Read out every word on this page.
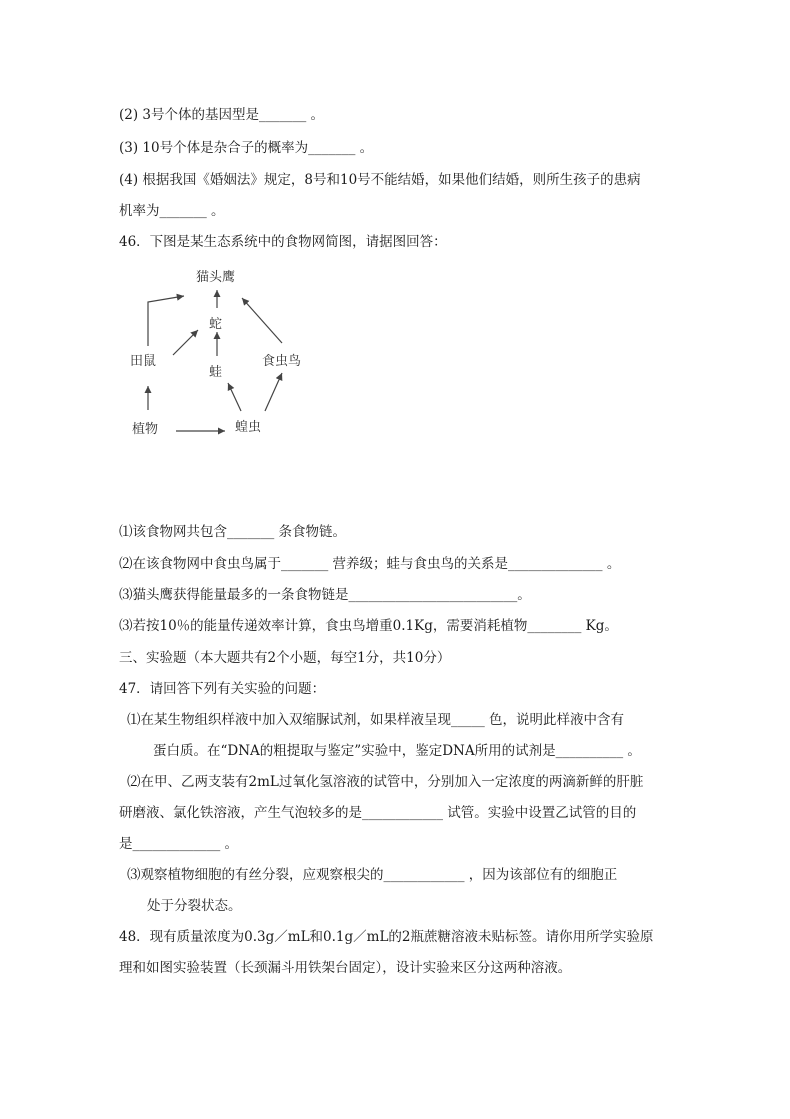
(2) 3号个体的基因型是_______ 。
(3) 10号个体是杂合子的概率为_______ 。
(4) 根据我国《婚姻法》规定，8号和10号不能结婚，如果他们结婚，则所生孩子的患病
机率为_______ 。
46．下图是某生态系统中的食物网简图，请据图回答：
猫头鹰
蛇
田鼠	食虫鸟
蛙
植物	蝗虫
⑴该食物网共包含_______ 条食物链。
⑵在该食物网中食虫鸟属于_______ 营养级；蛙与食虫鸟的关系是______________ 。
⑶猫头鹰获得能量最多的一条食物链是_________________________。
⑶若按10％的能量传递效率计算，食虫鸟增重0.1Kg，需要消耗植物________ Kg。
三、实验题（本大题共有2个小题，每空1分，共10分）
47．请回答下列有关实验的问题：
⑴在某生物组织样液中加入双缩脲试剂，如果样液呈现_____ 色，说明此样液中含有
蛋白质。在“DNA的粗提取与鉴定”实验中，鉴定DNA所用的试剂是__________ 。
⑵在甲、乙两支装有2mL过氧化氢溶液的试管中，分别加入一定浓度的两滴新鲜的肝脏
研磨液、氯化铁溶液，产生气泡较多的是____________ 试管。实验中设置乙试管的目的
是_____________ 。
⑶观察植物细胞的有丝分裂，应观察根尖的____________ ，因为该部位有的细胞正
处于分裂状态。
48．现有质量浓度为0.3g／mL和0.1g／mL的2瓶蔗糖溶液未贴标签。请你用所学实验原
理和如图实验装置（长颈漏斗用铁架台固定），设计实验来区分这两种溶液。
